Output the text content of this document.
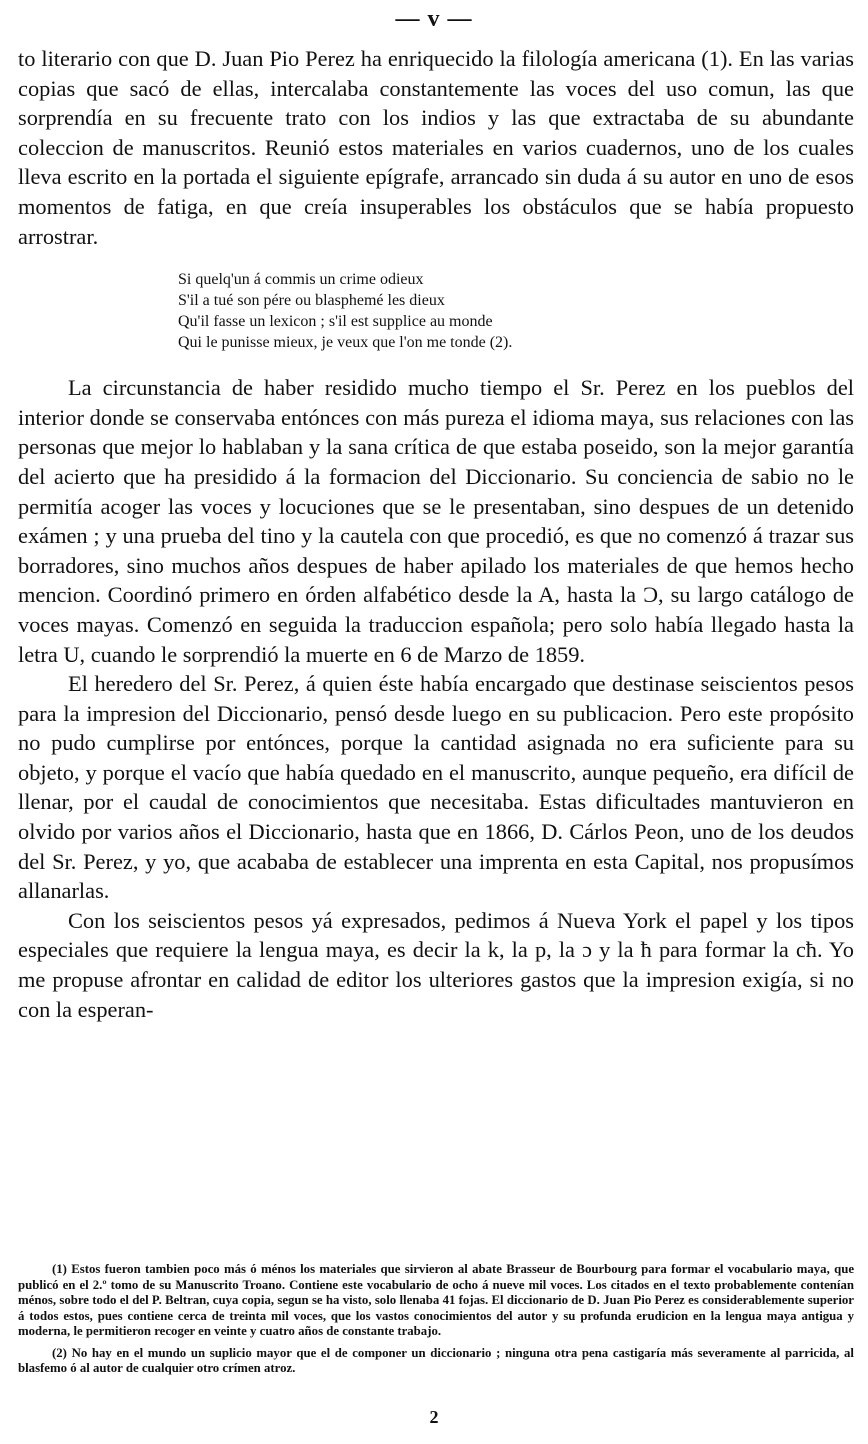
— v —

to literario con que D. Juan Pio Perez ha enriquecido la filología americana (1). En las varias copias que sacó de ellas, intercalaba constantemente las voces del uso comun, las que sorprendía en su frecuente trato con los indios y las que extractaba de su abundante coleccion de manuscritos. Reunió estos materiales en varios cuadernos, uno de los cuales lleva escrito en la portada el siguiente epígrafe, arrancado sin duda á su autor en uno de esos momentos de fatiga, en que creía insuperables los obstáculos que se había propuesto arrostrar.

Si quelq'un á commis un crime odieux
S'il a tué son pére ou blasphemé les dieux
Qu'il fasse un lexicon ; s'il est supplice au monde
Qui le punisse mieux, je veux que l'on me tonde (2).

La circunstancia de haber residido mucho tiempo el Sr. Perez en los pueblos del interior donde se conservaba entónces con más pureza el idioma maya, sus relaciones con las personas que mejor lo hablaban y la sana crítica de que estaba poseido, son la mejor garantía del acierto que ha presidido á la formacion del Diccionario. Su conciencia de sabio no le permitía acoger las voces y locuciones que se le presentaban, sino despues de un detenido exámen ; y una prueba del tino y la cautela con que procedió, es que no comenzó á trazar sus borradores, sino muchos años despues de haber apilado los materiales de que hemos hecho mencion. Coordinó primero en órden alfabético desde la A, hasta la Ɔ, su largo catálogo de voces mayas. Comenzó en seguida la traduccion española; pero solo había llegado hasta la letra U, cuando le sorprendió la muerte en 6 de Marzo de 1859.

El heredero del Sr. Perez, á quien éste había encargado que destinase seiscientos pesos para la impresion del Diccionario, pensó desde luego en su publicacion. Pero este propósito no pudo cumplirse por entónces, porque la cantidad asignada no era suficiente para su objeto, y porque el vacío que había quedado en el manuscrito, aunque pequeño, era difícil de llenar, por el caudal de conocimientos que necesitaba. Estas dificultades mantuvieron en olvido por varios años el Diccionario, hasta que en 1866, D. Cárlos Peon, uno de los deudos del Sr. Perez, y yo, que acababa de establecer una imprenta en esta Capital, nos propusímos allanarlas.

Con los seiscientos pesos yá expresados, pedimos á Nueva York el papel y los tipos especiales que requiere la lengua maya, es decir la k, la p, la ɔ y la ħ para formar la cħ. Yo me propuse afrontar en calidad de editor los ulteriores gastos que la impresion exigía, si no con la esperan-

(1) Estos fueron tambien poco más ó ménos los materiales que sirvieron al abate Brasseur de Bourbourg para formar el vocabulario maya, que publicó en el 2.º tomo de su Manuscrito Troano. Contiene este vocabulario de ocho á nueve mil voces. Los citados en el texto probablemente contenían ménos, sobre todo el del P. Beltran, cuya copia, segun se ha visto, solo llenaba 41 fojas. El diccionario de D. Juan Pio Perez es considerablemente superior á todos estos, pues contiene cerca de treinta mil voces, que los vastos conocimientos del autor y su profunda erudicion en la lengua maya antigua y moderna, le permitieron recoger en veinte y cuatro años de constante trabajo.

(2) No hay en el mundo un suplicio mayor que el de componer un diccionario ; ninguna otra pena castigaría más severamente al parricida, al blasfemo ó al autor de cualquier otro crímen atroz.

2
